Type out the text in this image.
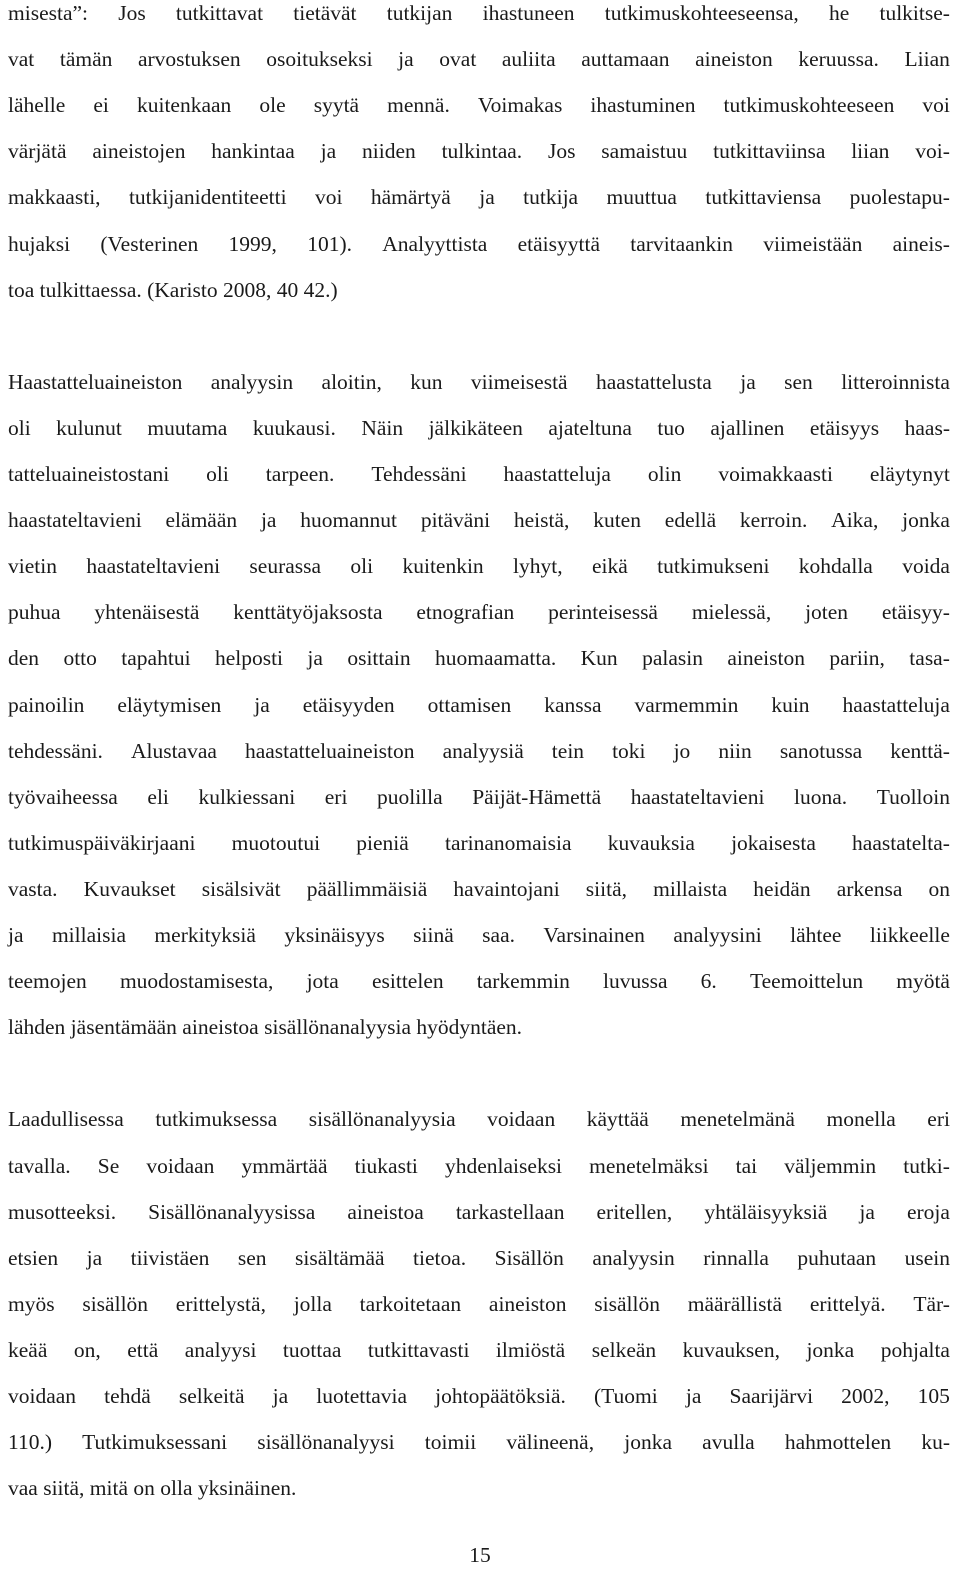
misesta”: Jos tutkittavat tietävät tutkijan ihastuneen tutkimuskohteeseensa, he tulkitse-
vat tämän arvostuksen osoitukseksi ja ovat auliita auttamaan aineiston keruussa. Liian
lähelle ei kuitenkaan ole syytä mennä. Voimakas ihastuminen tutkimuskohteeseen voi
värjätä aineistojen hankintaa ja niiden tulkintaa. Jos samaistuu tutkittaviinsa liian voi-
makkaasti, tutkijanidentiteetti voi hämärtyä ja tutkija muuttua tutkittaviensa puolestapu-
hujaksi (Vesterinen 1999, 101). Analyyttista etäisyyttä tarvitaankin viimeistään aineis-
toa tulkittaessa. (Karisto 2008, 40 42.)
Haastatteluaineiston analyysin aloitin, kun viimeisestä haastattelusta ja sen litteroinnista
oli kulunut muutama kuukausi. Näin jälkikäteen ajateltuna tuo ajallinen etäisyys haas-
tatteluaineistostani oli tarpeen. Tehdessäni haastatteluja olin voimakkaasti eläytynyt
haastateltavieni elämään ja huomannut pitäväni heistä, kuten edellä kerroin. Aika, jonka
vietin haastateltavieni seurassa oli kuitenkin lyhyt, eikä tutkimukseni kohdalla voida
puhua yhtenäisestä kenttätyöjaksosta etnografian perinteisessä mielessä, joten etäisyy-
den otto tapahtui helposti ja osittain huomaamatta. Kun palasin aineiston pariin, tasa-
painoilin eläytymisen ja etäisyyden ottamisen kanssa varmemmin kuin haastatteluja
tehdessäni. Alustavaa haastatteluaineiston analyysiä tein toki jo niin sanotussa kenttä-
työvaiheessa eli kulkiessani eri puolilla Päijät-Hämettä haastateltavieni luona. Tuolloin
tutkimuspäiväkirjaani muotoutui pieniä tarinanomaisia kuvauksia jokaisesta haastatelta-
vasta. Kuvaukset sisälsivät päällimmäisiä havaintojani siitä, millaista heidän arkensa on
ja millaisia merkityksiä yksinäisyys siinä saa. Varsinainen analyysini lähtee liikkeelle
teemojen muodostamisesta, jota esittelen tarkemmin luvussa 6. Teemoittelun myötä
lähden jäsentämään aineistoa sisällönanalyysia hyödyntäen.
Laadullisessa tutkimuksessa sisällönanalyysia voidaan käyttää menetelmänä monella eri
tavalla. Se voidaan ymmärtää tiukasti yhdenlaiseksi menetelmäksi tai väljemmin tutki-
musotteeksi. Sisällönanalyysissa aineistoa tarkastellaan eritellen, yhtäläisyyksiä ja eroja
etsien ja tiivistäen sen sisältämää tietoa. Sisällön analyysin rinnalla puhutaan usein
myös sisällön erittelystä, jolla tarkoitetaan aineiston sisällön määrällistä erittelyä. Tär-
keää on, että analyysi tuottaa tutkittavasti ilmiöstä selkeän kuvauksen, jonka pohjalta
voidaan tehdä selkeitä ja luotettavia johtopäätöksiä. (Tuomi ja Saarijärvi 2002, 105
110.) Tutkimuksessani sisällönanalyysi toimii välineenä, jonka avulla hahmottelen ku-
vaa siitä, mitä on olla yksinäinen.
15
